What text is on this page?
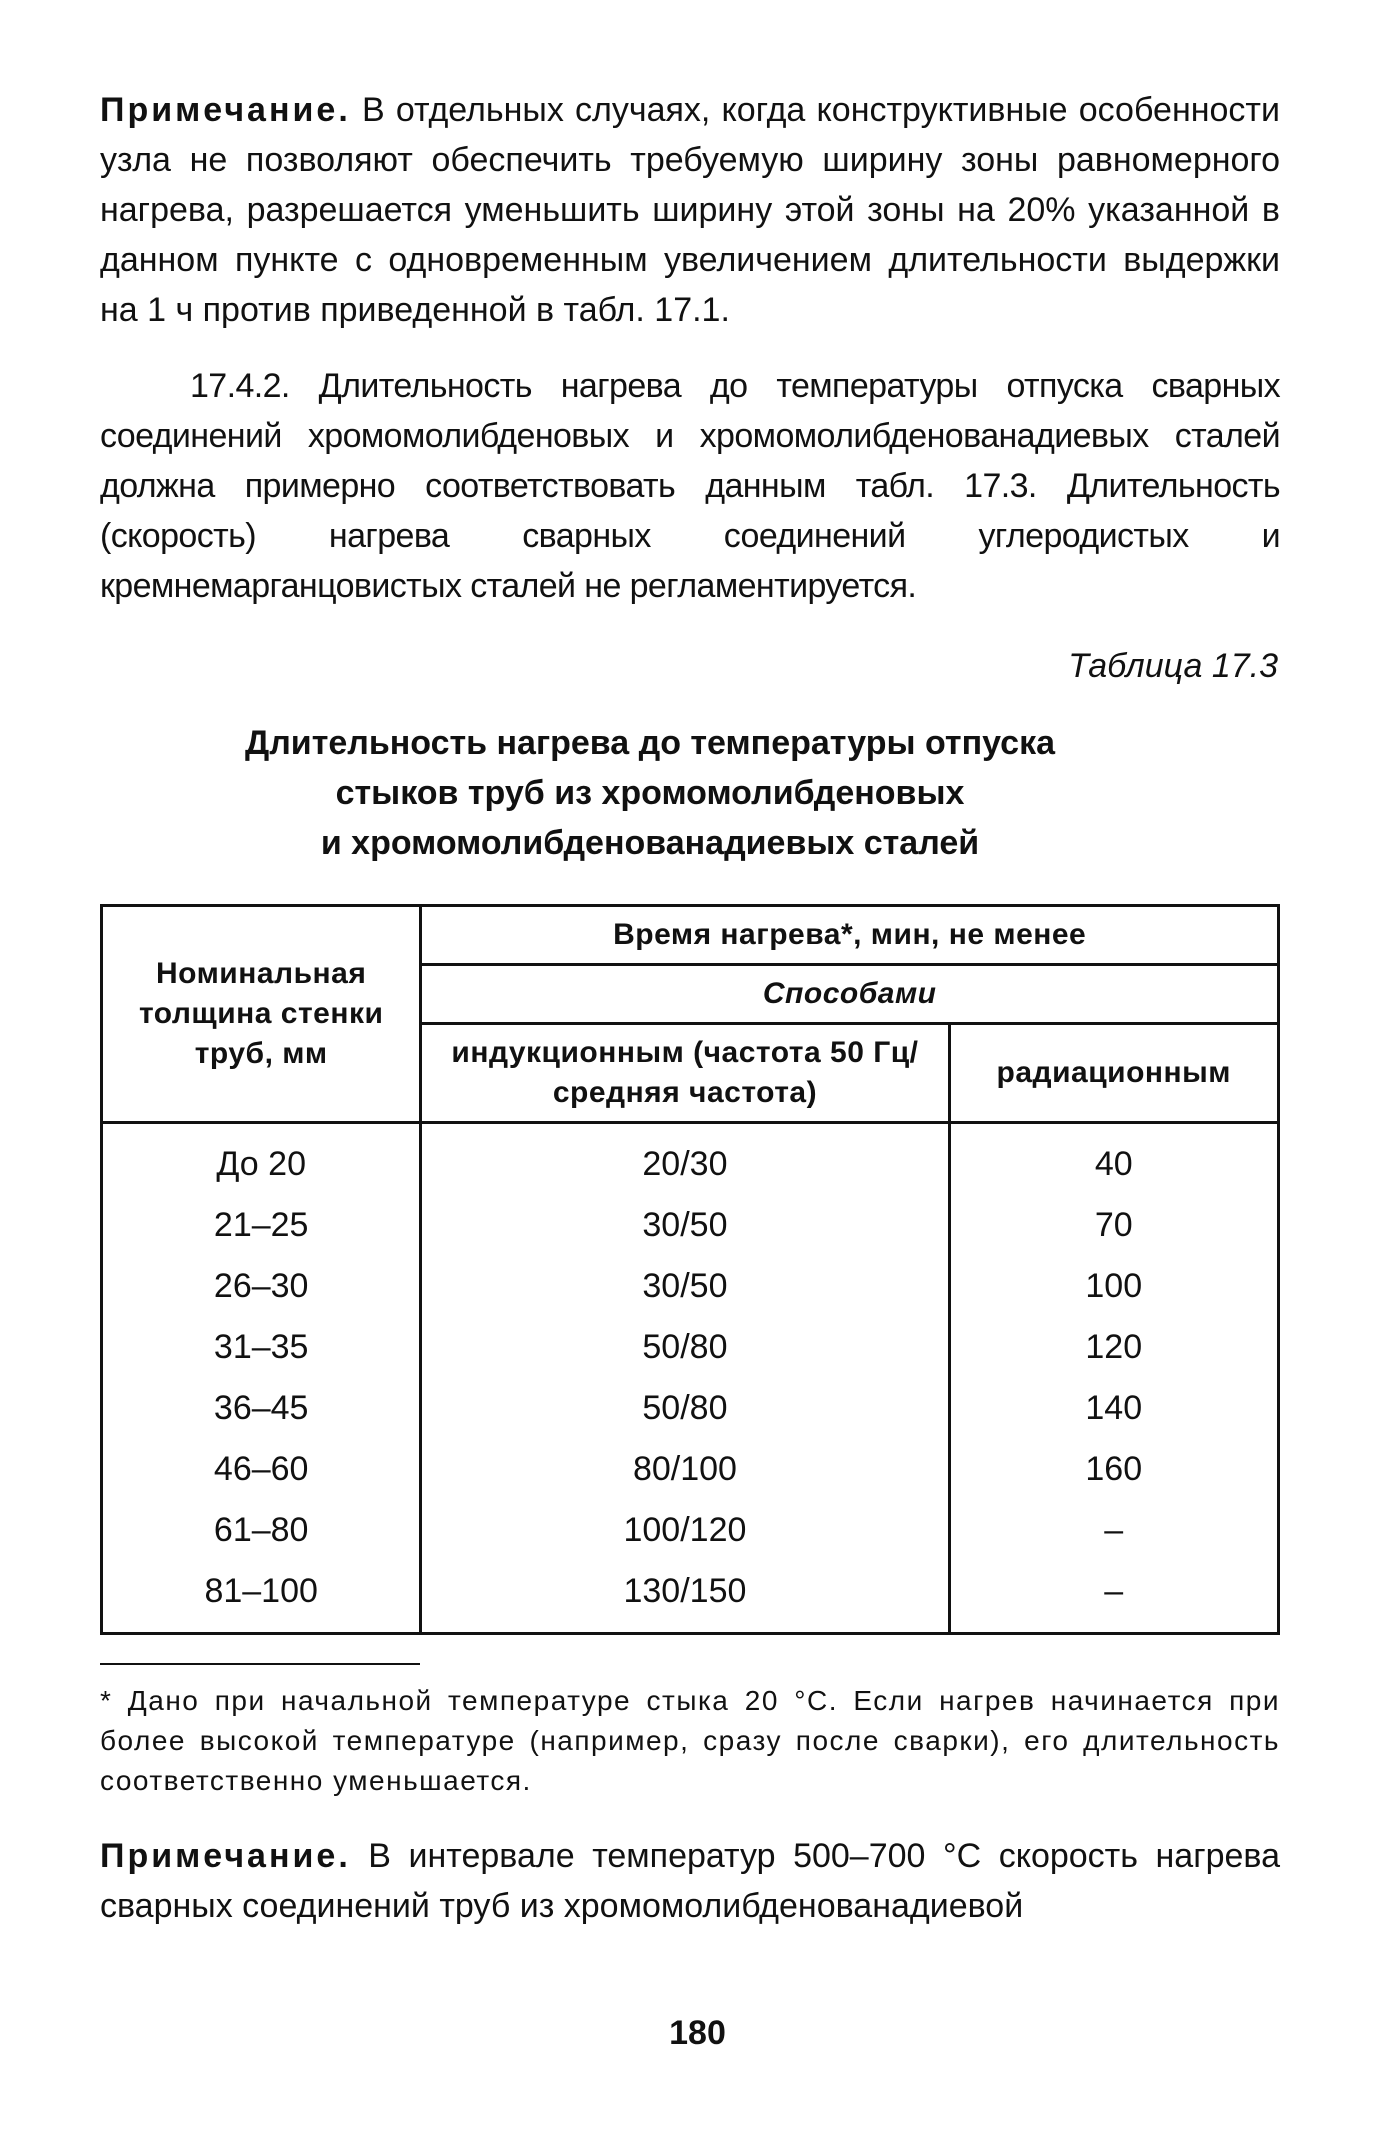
Примечание. В отдельных случаях, когда конструктивные особенности узла не позволяют обеспечить требуемую ширину зоны равномерного нагрева, разрешается уменьшить ширину этой зоны на 20% указанной в данном пункте с одновременным увеличением длительности выдержки на 1 ч против приведенной в табл. 17.1.

17.4.2. Длительность нагрева до температуры отпуска сварных соединений хромомолибденовых и хромомолибденованадиевых сталей должна примерно соответствовать данным табл. 17.3. Длительность (скорость) нагрева сварных соединений углеродистых и кремнемарганцовистых сталей не регламентируется.

Таблица 17.3
Длительность нагрева до температуры отпуска
стыков труб из хромомолибденовых
и хромомолибденованадиевых сталей
Номинальная толщина стенки труб, мм	Время нагрева*, мин, не менее	
	Способами	
	индукционным (частота 50 Гц/средняя частота)	радиационным
До 20	20/30	40
21–25	30/50	70
26–30	30/50	100
31–35	50/80	120
36–45	50/80	140
46–60	80/100	160
61–80	100/120	–
81–100	130/150	–

* Дано при начальной температуре стыка 20 °С. Если нагрев начинается при более высокой температуре (например, сразу после сварки), его длительность соответственно уменьшается.

Примечание. В интервале температур 500–700 °С скорость нагрева сварных соединений труб из хромомолибденованадиевой

180
